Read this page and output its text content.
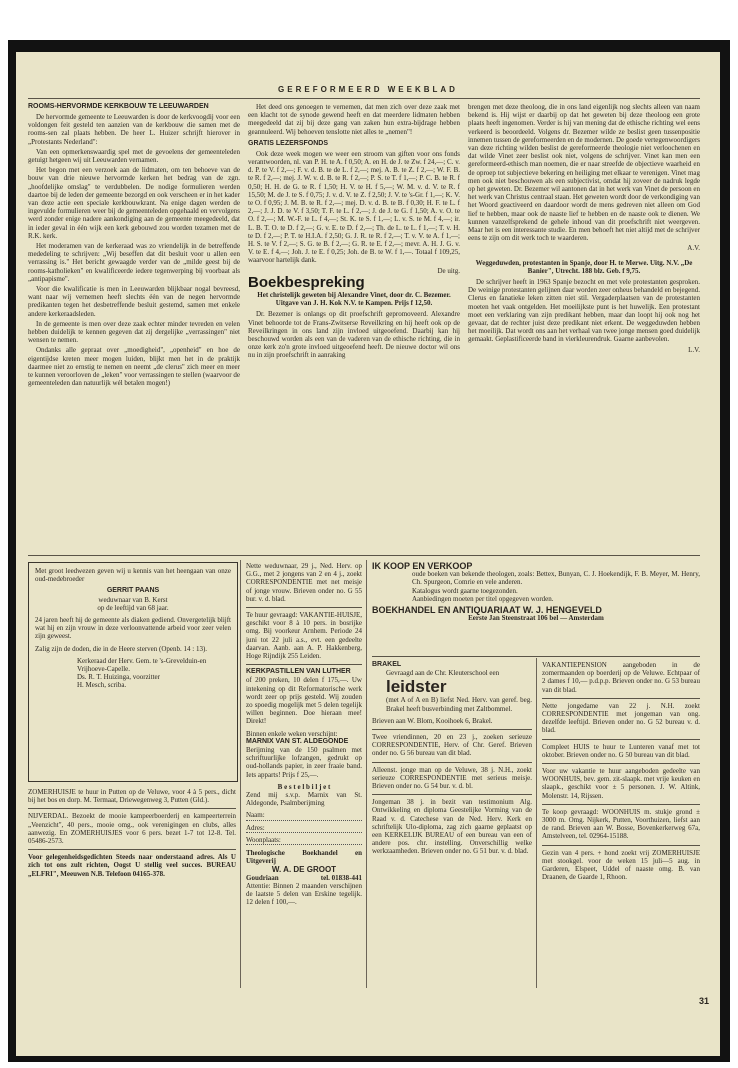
GEREFORMEERD WEEKBLAD
ROOMS-HERVORMDE KERKBOUW TE LEEUWARDEN

De hervormde gemeente te Leeuwarden is door de kerkvoogdij voor een voldongen feit gesteld ten aanzien van de kerkbouw die samen met de rooms-sen zal plaats hebben. De heer L. Huizer schrijft hierover in „Protestants Nederland":

Van een opmerkenswaardig spel met de gevoelens der gemeenteleden getuigt hetgeen wij uit Leeuwarden vernamen.

Het begon met een verzoek aan de lidmaten, om ten behoeve van de bouw van drie nieuwe hervormde kerken het bedrag van de zgn. „hoofdelijke omslag" te verdubbelen. De nodige formulieren werden daartoe bij de leden der gemeente bezorgd en ook verscheen er in het kader van deze actie een speciale kerkbouwkrant. Na enige dagen werden de ingevulde formulieren weer bij de gemeenteleden opgehaald en vervolgens werd zonder enige nadere aankondiging aan de gemeente meegedeeld, dat in ieder geval in één wijk een kerk gebouwd zou worden tezamen met de R.K. kerk.

Het moderamen van de kerkeraad was zo vriendelijk in de betreffende mededeling te schrijven: „Wij beseffen dat dit besluit voor u allen een verrassing is." Het bericht gewaagde verder van de „milde geest bij de rooms-katholieken" en kwalificeerde iedere tegenwerping bij voorbaat als „antipapisme".

Voor die kwalificatie is men in Leeuwarden blijkbaar nogal bevreesd, want naar wij vernemen heeft slechts één van de negen hervormde predikanten tegen het desbetreffende besluit gestemd, samen met enkele andere kerkeraadsleden.

In de gemeente is men over deze zaak echter minder tevreden en velen hebben duidelijk te kennen gegeven dat zij dergelijke „verrassingen" niet wensen te nemen.

Ondanks alle gepraat over „moedigheid", „openheid" en hoe de eigentijdse kreten meer mogen luiden, blijkt men het in de praktijk daarmee niet zo ernstig te nemen en neemt „de clerus" zich meer en meer te kunnen veroorloven de „leken" voor verrassingen te stellen (waarvoor de gemeenteleden dan natuurlijk wél betalen mogen!)

Het deed ons genoegen te vernemen, dat men zich over deze zaak met een klacht tot de synode gewend heeft en dat meerdere lidmaten hebben meegedeeld dat zij bij deze gang van zaken hun extra-bijdrage hebben geannuleerd. Wij behoeven tenslotte niet alles te „nemen"!

GRATIS LEZERSFONDS

Ook deze week mogen we weer een stroom van giften voor ons fonds verantwoorden, nl. van P. H. te A. f 0,50; A. en H. de J. te Zw. f 24,—; C. v. d. P. te V. f 2,—; F. v. d. B. te de L. f 2,—; mej. A. B. te Z. f 2,—; W. F. B. te R. f 2,—; mej. J. W. v. d. B. te R. f 2,—; P. S. te T. f 1,—; P. C. B. te R. f 0,50; H. H. de G. te R. f 1,50; H. V. te H. f 5,—; W. M. v. d. V. te R. f 15,50; M. de J. te S. f 0,75; J. v. d. V. te Z. f 2,50; J. V. te 's-Gr. f 1,—; K. V. te O. f 0,95; J. M. B. te R. f 2,—; mej. D. v. d. B. te B. f 0,30; H. F. te L. f 2,—; J. J. D. te V. f 3,50; T. F. te L. f 2,—; J. de J. te G. f 1,50; A. v. O. te O. f 2,—; M. W.-F. te L. f 4,—; St. K. te S. f 1,—; L. v. S. te M. f 4,—; ir. L. B. T. O. te D. f 2,—; G. v. E. te D. f 2,—; Th. de L. te L. f 1,—; T. v. H. te D. f 2,—; P. T. te H.I.A. f 2,50; G. J. R. te R. f 2,—; T. v. V. te A. f 1,—; H. S. te V. f 2,—; S. G. te B. f 2,—; G. R. te E. f 2,—; mevr. A. H. J. G. v. V. te E. f 4,—; Joh. J. te E. f 0,25; Joh. de B. te W. f 1,—. Totaal f 109,25, waarvoor hartelijk dank.

De uitg.
Boekbespreking
Het christelijk geweten bij Alexandre Vinet, door dr. C. Bezemer. Uitgave van J. H. Kok N.V. te Kampen. Prijs f 12,50.

Dr. Bezemer is onlangs op dit proefschrift gepromoveerd. Alexandre Vinet behoorde tot de Frans-Zwitserse Reveilkring en hij heeft ook op de Reveilkringen in ons land zijn invloed uitgeoefend. Daarbij kan hij beschouwd worden als een van de vaderen van de ethische richting, die in onze kerk zo'n grote invloed uitgeoefend heeft. De nieuwe doctor wil ons nu in zijn proefschrift in aanraking

brengen met deze theoloog, die in ons land eigenlijk nog slechts alleen van naam bekend is. Hij wijst er daarbij op dat het geweten bij deze theoloog een grote plaats heeft ingenomen. Verder is hij van mening dat de ethische richting wel eens verkeerd is beoordeeld. Volgens dr. Bezemer wilde ze beslist geen tussenpositie innemen tussen de gereformeerden en de modernen. De goede vertegenwoordigers van deze richting wilden beslist de gereformeerde theologie niet verloochenen en dat wilde Vinet zeer beslist ook niet, volgens de schrijver. Vinet kan men een gereformeerd-ethisch man noemen, die er naar streefde de objectieve waarheid en de oproep tot subjectieve bekering en heiliging met elkaar te verenigen. Vinet mag men ook niet beschouwen als een subjectivist, omdat hij zoveer de nadruk legde op het geweten. Dr. Bezemer wil aantonen dat in het werk van Vinet de persoon en het werk van Christus centraal staan. Het geweten wordt door de verkondiging van het Woord geactiveerd en daardoor wordt de mens gedreven niet alleen om God lief te hebben, maar ook de naaste lief te hebben en de naaste ook te dienen. We kunnen vanzelfsprekend de gehele inhoud van dit proefschrift niet weergeven. Maar het is een interessante studie. En men behoeft het niet altijd met de schrijver eens te zijn om dit werk toch te waarderen.

A.V.
Weggeduwden, protestanten in Spanje, door H. te Merwe. Uitg. N.V. „De Banier", Utrecht. 188 blz. Geb. f 9,75.

De schrijver heeft in 1963 Spanje bezocht en met vele protestanten gesproken. De weinige protestanten gelijnen daar worden zeer onheus behandeld en bejegend. Clerus en fanatieke leken zitten niet stil. Vergaderplaatsen van de protestanten moeten het vaak ontgelden. Het moeilijkste punt is het huwelijk. Een protestant moet een verklaring van zijn predikant hebben, maar dan loopt hij ook nog het gevaar, dat de rechter juist deze predikant niet erkent. De weggeduwden hebben het moeilijk. Dat wordt ons aan het verhaal van twee jonge mensen goed duidelijk gemaakt. Geplastificeerde band in vierkleurendruk. Gaarne aanbevolen.

L.V.
Met groot leedwezen geven wij u kennis van het heengaan van onze oud-medebroeder
GERRIT PAANS
weduwnaar van B. Kerst
op de leeftijd van 68 jaar.
24 jaren heeft hij de gemeente als diaken gediend. Onvergetelijk blijft wat hij en zijn vrouw in deze verloonvattende arbeid voor zeer velen zijn geweest.
Zalig zijn de doden, die in de Heere sterven (Openb. 14 : 13).
Kerkeraad der Herv. Gem. te 's-Grevelduin-en Vrijhoeve-Capelle.
Ds. R. T. Huizinga, voorzitter
H. Mesch, scriba.
ZOMERHUISJE te huur in Putten op de Veluwe, voor 4 à 5 pers., dicht bij het bos en dorp. M. Termaat, Driewegenweg 3, Putten (Gld.).
NIJVERDAL. Bezoekt de mooie kampeerboerderij en kampeerterrein „Veenzicht", 40 pers., mooie omg., ook verenigingen en clubs, alles aanwezig. En ZOMERHUISJES voor 6 pers. bezet 1-7 tot 12-8. Tel. 05486-2573.
Voor gelegenheidsgedichten Steeds naar onderstaand adres. Als U zich tot ons zult richten, Oogst U stellig veel succes. BUREAU „ELFRI", Meeuwen N.B. Telefoon 04165-378.
Nette weduwnaar, 29 j., Ned. Herv. op G.G., met 2 jongens van 2 en 4 j., zoekt CORRESPONDENTIE met net meisje of jonge vrouw. Brieven onder no. G 55 bur. v. d. blad.
Te huur gevraagd: VAKANTIE-HUISJE, geschikt voor 8 à 10 pers. in bosrijke omg. Bij voorkeur Arnhem. Periode 24 juni tot 22 juli a.s., evt. een gedeelte daarvan. Aanb. aan A. P. Hakkenberg, Hoge Rijndijk 255 Leiden.
KERKPASTILLEN VAN LUTHER
of 200 preken, 10 delen f 175,—. Uw intekening op dit Reformatorische werk wordt zeer op prijs gesteld. Wij zouden zo spoedig mogelijk met 5 delen tegelijk willen beginnen. Doe hieraan mee! Direkt!
Binnen enkele weken verschijnt:
MARNIX VAN ST. ALDEGONDE
Berijming van de 150 psalmen met schriftuurlijke lofzangen, gedrukt op oud-hollands papier, in zeer fraaie band. Iets apparts! Prijs f 25,—.
B e s t e l b i l j e t
Zend mij s.v.p. Marnix van St. Aldegonde, Psalmberijming
Naam:
Adres:
Woonplaats:
Theologische Boekhandel en Uitgeverij
W. A. DE GROOT
Goudriaan	tel. 01838-441
Attentie: Binnen 2 maanden verschijnen de laatste 5 delen van Erskine tegelijk. 12 delen f 100,—.
IK KOOP EN VERKOOP
oude boeken van bekende theologen, zoals: Bettex, Bunyan, C. J. Hoekendijk, F. B. Meyer, M. Henry, Ch. Spurgeon, Comrie en vele anderen.
Katalogus wordt gaarne toegezonden.
Aanbiedingen moeten per titel opgegeven worden.
BOEKHANDEL EN ANTIQUARIAAT W. J. HENGEVELD
Eerste Jan Steenstraat 106 bel — Amsterdam
BRAKEL
Gevraagd aan de Chr. Kleuterschool een
leidster
(met A of A en B) liefst Ned. Herv. van geref. beg. Brakel heeft busverbinding met Zaltbommel.
Brieven aan W. Blom, Kooihoek 6, Brakel.
Twee vriendinnen, 20 en 23 j., zoeken serieuze CORRESPONDENTIE, Herv. of Chr. Geref. Brieven onder no. G 56 bureau van dit blad.
Alleenst. jonge man op de Veluwe, 38 j. N.H., zoekt serieuze CORRESPONDENTIE met serieus meisje. Brieven onder no. G 54 bur. v. d. bl.
Jongeman 38 j. in bezit van testimonium Alg. Ontwikkeling en diploma Geestelijke Vorming van de Raad v. d. Catechese van de Ned. Herv. Kerk en schriftelijk Ulo-diploma, zag zich gaarne geplaatst op een KERKELIJK BUREAU of een bureau van een of andere pos. chr. instelling. Onverschillig welke werkzaamheden. Brieven onder no. G 51 bur. v. d. blad.
VAKANTIEPENSION aangeboden in de zomermaanden op boerderij op de Veluwe. Echtpaar of 2 dames f 10,— p.d.p.p. Brieven onder no. G 53 bureau van dit blad.
Nette jongedame van 22 j. N.H. zoekt CORRESPONDENTIE met jongeman van ong. dezelfde leeftijd. Brieven onder no. G 52 bureau v. d. blad.
Compleet HUIS te huur te Lunteren vanaf met tot oktober. Brieven onder no. G 50 bureau van dit blad.
Voor uw vakantie te huur aangeboden gedeelte van WOONHUIS, bev. gem. zit-slaapk. met vrije keuken en slaapk., geschikt voor ± 5 personen. J. W. Altink, Molenstr. 14, Rijssen.
Te koop gevraagd: WOONHUIS m. stukje grond ± 3000 m. Omg. Nijkerk, Putten, Voorthuizen, liefst aan de rand. Brieven aan W. Bosse, Bovenkerkerweg 67a, Amstelveen, tel. 02964-15188.
Gezin van 4 pers. + hond zoekt vrij ZOMERHUISJE met stookgel. voor de weken 15 juli—5 aug. in Garderen, Elspeet, Uddel of naaste omg. B. van Draanen, de Gaarde 1, Rhoon.
31
